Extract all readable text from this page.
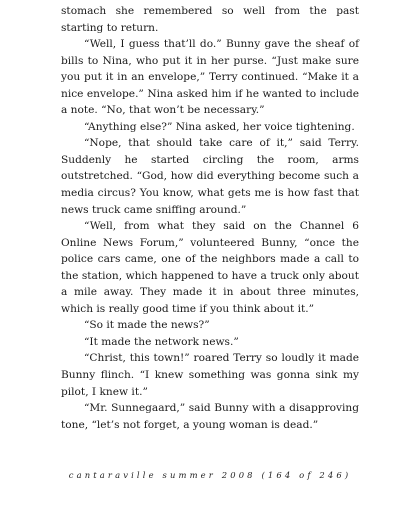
stomach she remembered so well from the past starting to return.

“Well, I guess that’ll do.” Bunny gave the sheaf of bills to Nina, who put it in her purse. “Just make sure you put it in an envelope,” Terry continued. “Make it a nice envelope.” Nina asked him if he wanted to include a note. “No, that won’t be necessary.”

“Anything else?” Nina asked, her voice tightening.

“Nope, that should take care of it,” said Terry. Suddenly he started circling the room, arms outstretched. “God, how did everything become such a media circus? You know, what gets me is how fast that news truck came sniffing around.”

“Well, from what they said on the Channel 6 Online News Forum,” volunteered Bunny, “once the police cars came, one of the neighbors made a call to the station, which happened to have a truck only about a mile away. They made it in about three minutes, which is really good time if you think about it.”

“So it made the news?”

“It made the network news.”

“Christ, this town!” roared Terry so loudly it made Bunny flinch. “I knew something was gonna sink my pilot, I knew it.”

“Mr. Sunnegaard,” said Bunny with a disapproving tone, “let’s not forget, a young woman is dead.”

cantaraville summer 2008 (164 of 246)
